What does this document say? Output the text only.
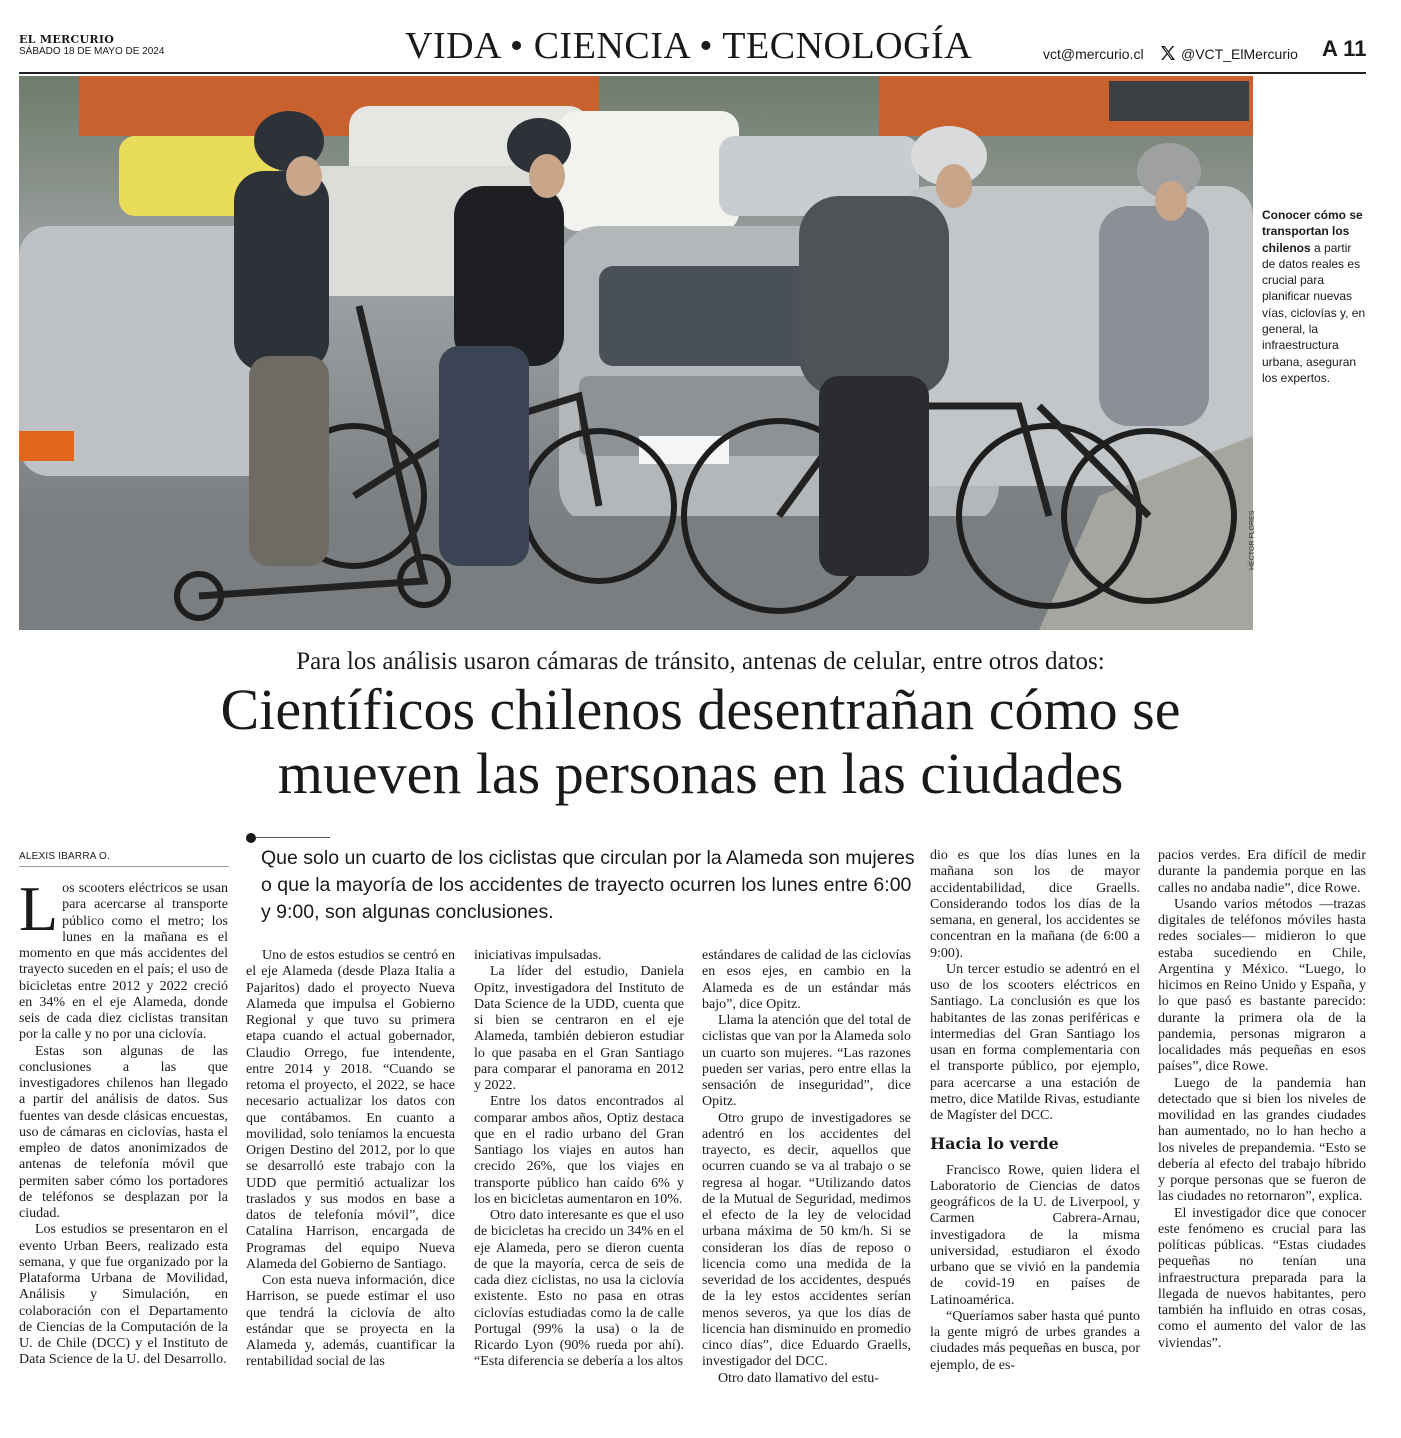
EL MERCURIO
SÁBADO 18 DE MAYO DE 2024	VIDA • CIENCIA • TECNOLOGÍA	vct@mercurio.cl	@VCT_ElMercurio A 11
HÉCTOR FLORES
Conocer cómo se transportan los chilenos a partir de datos reales es crucial para planificar nuevas vías, ciclovías y, en general, la infraestructura urbana, aseguran los expertos.
Para los análisis usaron cámaras de tránsito, antenas de celular, entre otros datos:
Científicos chilenos desentrañan cómo se
mueven las personas en las ciudades
ALEXIS IBARRA O.	Que solo un cuarto de los ciclistas que circulan por la Alameda son mujeres o que la mayoría de los accidentes de trayecto ocurren los lunes entre 6:00 y 9:00, son algunas conclusiones.
L os scooters eléctricos se usan para acercarse al transporte público como el metro; los lunes en la mañana es el momento en que más accidentes del trayecto suceden en el país; el uso de bicicletas entre 2012 y 2022 creció en 34% en el eje Alameda, donde seis de cada diez ciclistas transitan por la calle y no por una ciclovía.

Estas son algunas de las conclusiones a las que investigadores chilenos han llegado a partir del análisis de datos. Sus fuentes van desde clásicas encuestas, uso de cámaras en ciclovías, hasta el empleo de datos anonimizados de antenas de telefonía móvil que permiten saber cómo los portadores de teléfonos se desplazan por la ciudad.

Los estudios se presentaron en el evento Urban Beers, realizado esta semana, y que fue organizado por la Plataforma Urbana de Movilidad, Análisis y Simulación, en colaboración con el Departamento de Ciencias de la Computación de la U. de Chile (DCC) y el Instituto de Data Science de la U. del Desarrollo.

Uno de estos estudios se centró en el eje Alameda (desde Plaza Italia a Pajaritos) dado el proyecto Nueva Alameda que impulsa el Gobierno Regional y que tuvo su primera etapa cuando el actual gobernador, Claudio Orrego, fue intendente, entre 2014 y 2018. “Cuando se retoma el proyecto, el 2022, se hace necesario actualizar los datos con que contábamos. En cuanto a movilidad, solo teníamos la encuesta Origen Destino del 2012, por lo que se desarrolló este trabajo con la UDD que permitió actualizar los traslados y sus modos en base a datos de telefonía móvil”, dice Catalina Harrison, encargada de Programas del equipo Nueva Alameda del Gobierno de Santiago.

Con esta nueva información, dice Harrison, se puede estimar el uso que tendrá la ciclovía de alto estándar que se proyecta en la Alameda y, además, cuantificar la rentabilidad social de las

iniciativas impulsadas.

La líder del estudio, Daniela Opitz, investigadora del Instituto de Data Science de la UDD, cuenta que si bien se centraron en el eje Alameda, también debieron estudiar lo que pasaba en el Gran Santiago para comparar el panorama en 2012 y 2022.

Entre los datos encontrados al comparar ambos años, Optiz destaca que en el radio urbano del Gran Santiago los viajes en autos han crecido 26%, que los viajes en transporte público han caído 6% y los en bicicletas aumentaron en 10%.

Otro dato interesante es que el uso de bicicletas ha crecido un 34% en el eje Alameda, pero se dieron cuenta de que la mayoría, cerca de seis de cada diez ciclistas, no usa la ciclovía existente. Esto no pasa en otras ciclovías estudiadas como la de calle Portugal (99% la usa) o la de Ricardo Lyon (90% rueda por ahí). “Esta diferencia se debería a los altos

estándares de calidad de las ciclovías en esos ejes, en cambio en la Alameda es de un estándar más bajo”, dice Opitz.

Llama la atención que del total de ciclistas que van por la Alameda solo un cuarto son mujeres. “Las razones pueden ser varias, pero entre ellas la sensación de inseguridad”, dice Opitz.

Otro grupo de investigadores se adentró en los accidentes del trayecto, es decir, aquellos que ocurren cuando se va al trabajo o se regresa al hogar. “Utilizando datos de la Mutual de Seguridad, medimos el efecto de la ley de velocidad urbana máxima de 50 km/h. Si se consideran los días de reposo o licencia como una medida de la severidad de los accidentes, después de la ley estos accidentes serían menos severos, ya que los días de licencia han disminuido en promedio cinco días”, dice Eduardo Graells, investigador del DCC.

Otro dato llamativo del estu-

dio es que los días lunes en la mañana son los de mayor accidentabilidad, dice Graells. Considerando todos los días de la semana, en general, los accidentes se concentran en la mañana (de 6:00 a 9:00).

Un tercer estudio se adentró en el uso de los scooters eléctricos en Santiago. La conclusión es que los habitantes de las zonas periféricas e intermedias del Gran Santiago los usan en forma complementaria con el transporte público, por ejemplo, para acercarse a una estación de metro, dice Matilde Rivas, estudiante de Magíster del DCC.

Hacia lo verde

Francisco Rowe, quien lidera el Laboratorio de Ciencias de datos geográficos de la U. de Liverpool, y Carmen Cabrera-Arnau, investigadora de la misma universidad, estudiaron el éxodo urbano que se vivió en la pandemia de covid-19 en países de Latinoamérica.

“Queríamos saber hasta qué punto la gente migró de urbes grandes a ciudades más pequeñas en busca, por ejemplo, de es-

pacios verdes. Era difícil de medir durante la pandemia porque en las calles no andaba nadie”, dice Rowe.

Usando varios métodos —trazas digitales de teléfonos móviles hasta redes sociales— midieron lo que estaba sucediendo en Chile, Argentina y México. “Luego, lo hicimos en Reino Unido y España, y lo que pasó es bastante parecido: durante la primera ola de la pandemia, personas migraron a localidades más pequeñas en esos países”, dice Rowe.

Luego de la pandemia han detectado que si bien los niveles de movilidad en las grandes ciudades han aumentado, no lo han hecho a los niveles de prepandemia. “Esto se debería al efecto del trabajo híbrido y porque personas que se fueron de las ciudades no retornaron”, explica.

El investigador dice que conocer este fenómeno es crucial para las políticas públicas. “Estas ciudades pequeñas no tenían una infraestructura preparada para la llegada de nuevos habitantes, pero también ha influido en otras cosas, como el aumento del valor de las viviendas”.
